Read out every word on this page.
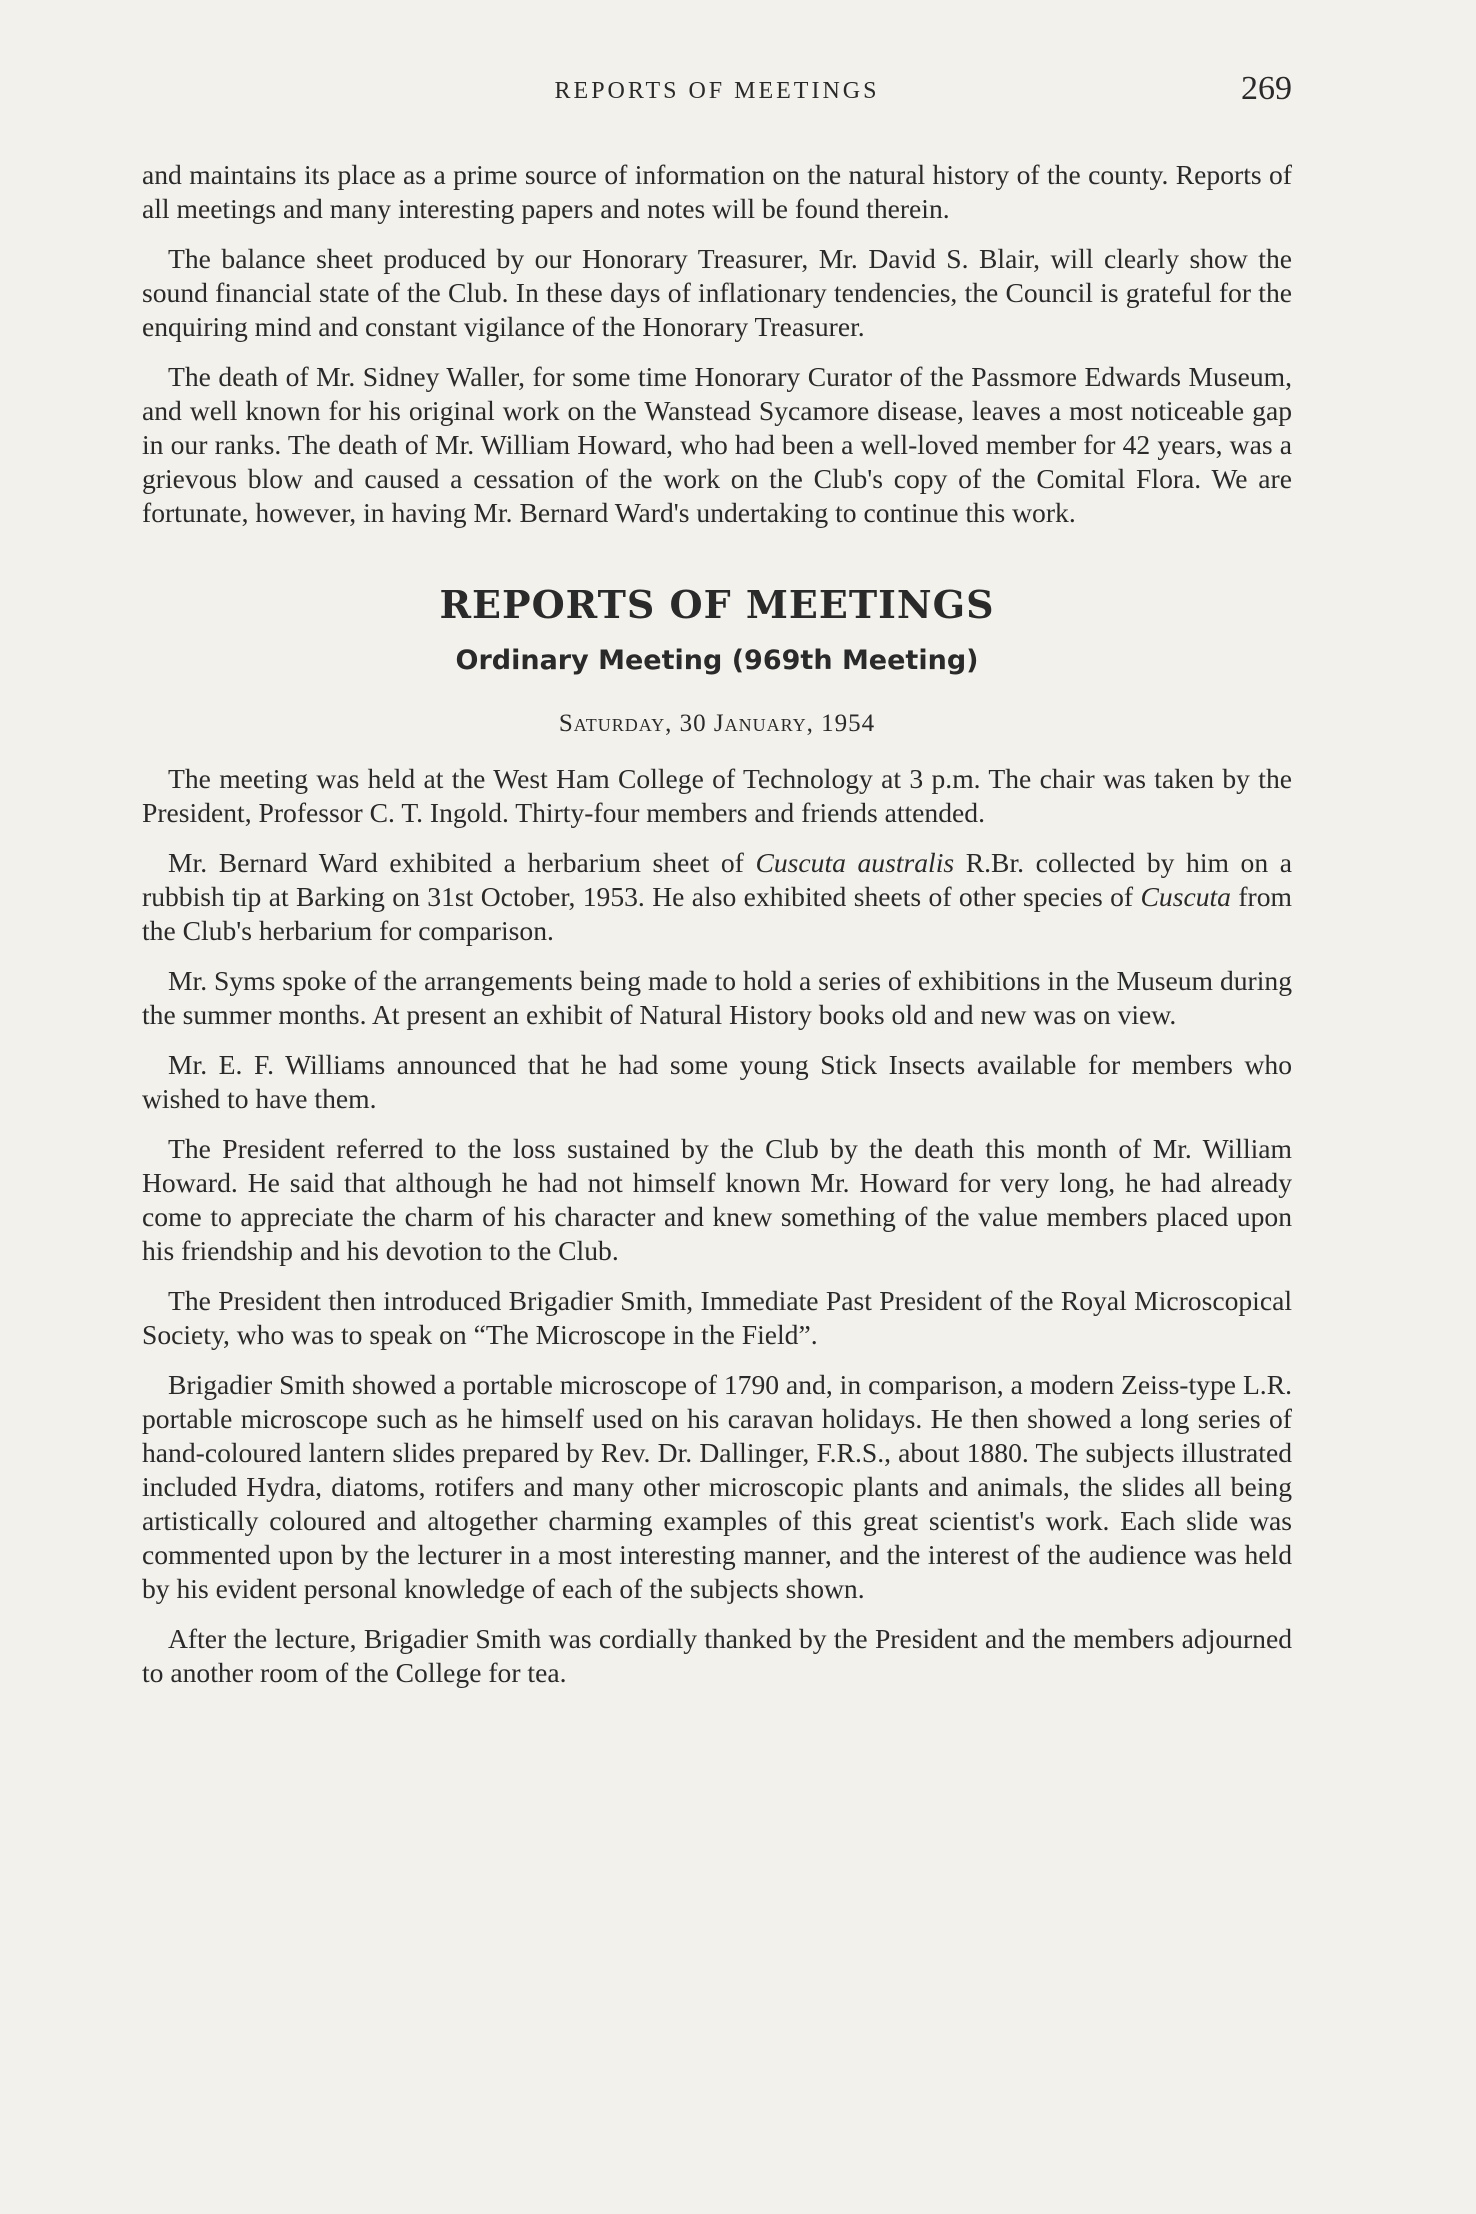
REPORTS OF MEETINGS	269

and maintains its place as a prime source of information on the natural history of the county. Reports of all meetings and many interesting papers and notes will be found therein.

The balance sheet produced by our Honorary Treasurer, Mr. David S. Blair, will clearly show the sound financial state of the Club. In these days of inflationary tendencies, the Council is grateful for the enquiring mind and constant vigilance of the Honorary Treasurer.

The death of Mr. Sidney Waller, for some time Honorary Curator of the Passmore Edwards Museum, and well known for his original work on the Wanstead Sycamore disease, leaves a most noticeable gap in our ranks. The death of Mr. William Howard, who had been a well-loved member for 42 years, was a grievous blow and caused a cessation of the work on the Club's copy of the Comital Flora. We are fortunate, however, in having Mr. Bernard Ward's undertaking to continue this work.

REPORTS OF MEETINGS
Ordinary Meeting (969th Meeting)
Saturday, 30 January, 1954

The meeting was held at the West Ham College of Technology at 3 p.m. The chair was taken by the President, Professor C. T. Ingold. Thirty-four members and friends attended.

Mr. Bernard Ward exhibited a herbarium sheet of Cuscuta australis R.Br. collected by him on a rubbish tip at Barking on 31st October, 1953. He also exhibited sheets of other species of Cuscuta from the Club's herbarium for comparison.

Mr. Syms spoke of the arrangements being made to hold a series of exhibitions in the Museum during the summer months. At present an exhibit of Natural History books old and new was on view.

Mr. E. F. Williams announced that he had some young Stick Insects available for members who wished to have them.

The President referred to the loss sustained by the Club by the death this month of Mr. William Howard. He said that although he had not himself known Mr. Howard for very long, he had already come to appreciate the charm of his character and knew something of the value members placed upon his friendship and his devotion to the Club.

The President then introduced Brigadier Smith, Immediate Past President of the Royal Microscopical Society, who was to speak on “The Microscope in the Field”.

Brigadier Smith showed a portable microscope of 1790 and, in comparison, a modern Zeiss-type L.R. portable microscope such as he himself used on his caravan holidays. He then showed a long series of hand-coloured lantern slides prepared by Rev. Dr. Dallinger, F.R.S., about 1880. The subjects illustrated included Hydra, diatoms, rotifers and many other microscopic plants and animals, the slides all being artistically coloured and altogether charming examples of this great scientist's work. Each slide was commented upon by the lecturer in a most interesting manner, and the interest of the audience was held by his evident personal knowledge of each of the subjects shown.

After the lecture, Brigadier Smith was cordially thanked by the President and the members adjourned to another room of the College for tea.
